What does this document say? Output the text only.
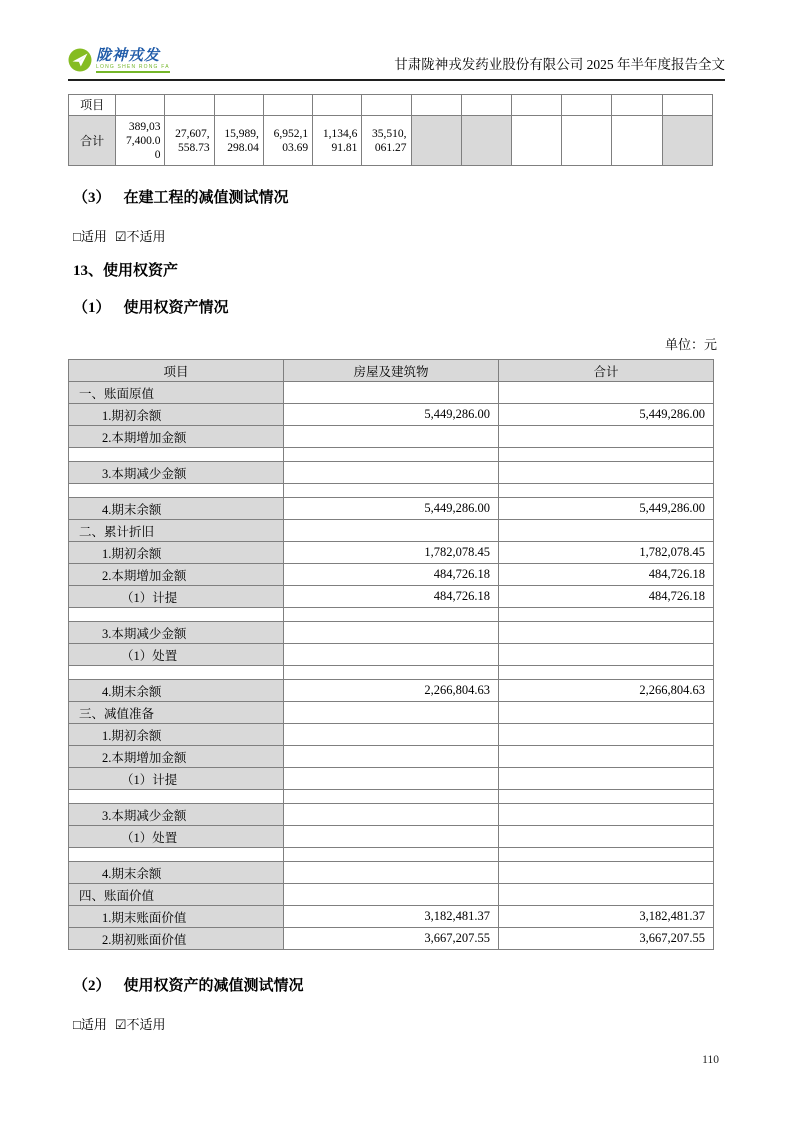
陇神戎发
LONG SHEN RONG FA	甘肃陇神戎发药业股份有限公司 2025 年半年度报告全文
项目												
合计	389,037,400.00	27,607,558.73	15,989,298.04	6,952,103.69	1,134,691.81	35,510,061.27						
（3） 在建工程的减值测试情况
□适用 ☑不适用
13、使用权资产
（1） 使用权资产情况
单位：元
项目	房屋及建筑物	合计
一、账面原值		
1.期初余额	5,449,286.00	5,449,286.00
2.本期增加金额		

3.本期减少金额		

4.期末余额	5,449,286.00	5,449,286.00
二、累计折旧		
1.期初余额	1,782,078.45	1,782,078.45
2.本期增加金额	484,726.18	484,726.18
（1）计提	484,726.18	484,726.18

3.本期减少金额		
（1）处置		

4.期末余额	2,266,804.63	2,266,804.63
三、减值准备		
1.期初余额		
2.本期增加金额		
（1）计提		

3.本期减少金额		
（1）处置		

4.期末余额		
四、账面价值		
1.期末账面价值	3,182,481.37	3,182,481.37
2.期初账面价值	3,667,207.55	3,667,207.55
（2） 使用权资产的减值测试情况
□适用 ☑不适用
110
